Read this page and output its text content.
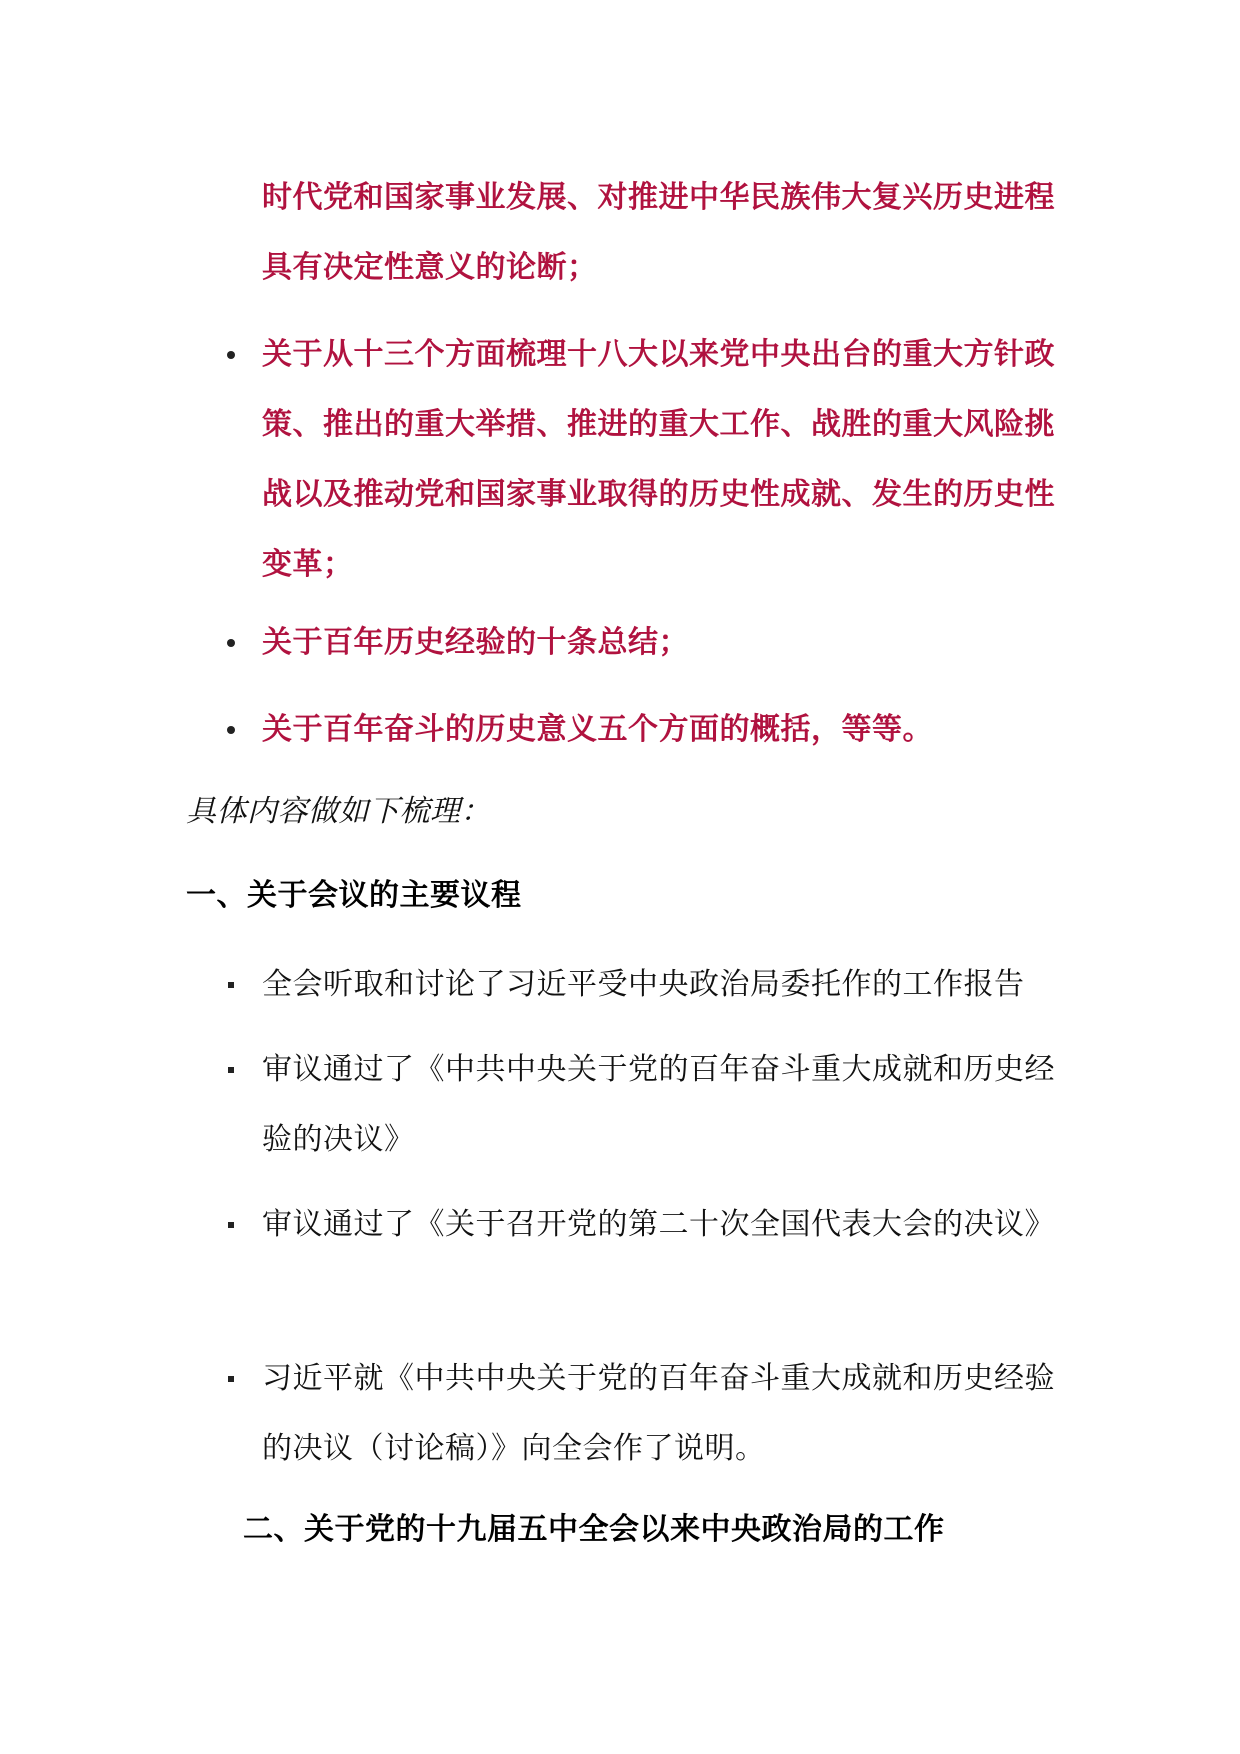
时代党和国家事业发展、对推进中华民族伟大复兴历史进程具有决定性意义的论断；
关于从十三个方面梳理十八大以来党中央出台的重大方针政策、推出的重大举措、推进的重大工作、战胜的重大风险挑战以及推动党和国家事业取得的历史性成就、发生的历史性变革；
关于百年历史经验的十条总结；
关于百年奋斗的历史意义五个方面的概括，等等。
具体内容做如下梳理：
一、关于会议的主要议程
全会听取和讨论了习近平受中央政治局委托作的工作报告
审议通过了《中共中央关于党的百年奋斗重大成就和历史经验的决议》
审议通过了《关于召开党的第二十次全国代表大会的决议》
习近平就《中共中央关于党的百年奋斗重大成就和历史经验的决议（讨论稿）》向全会作了说明。
二、关于党的十九届五中全会以来中央政治局的工作
